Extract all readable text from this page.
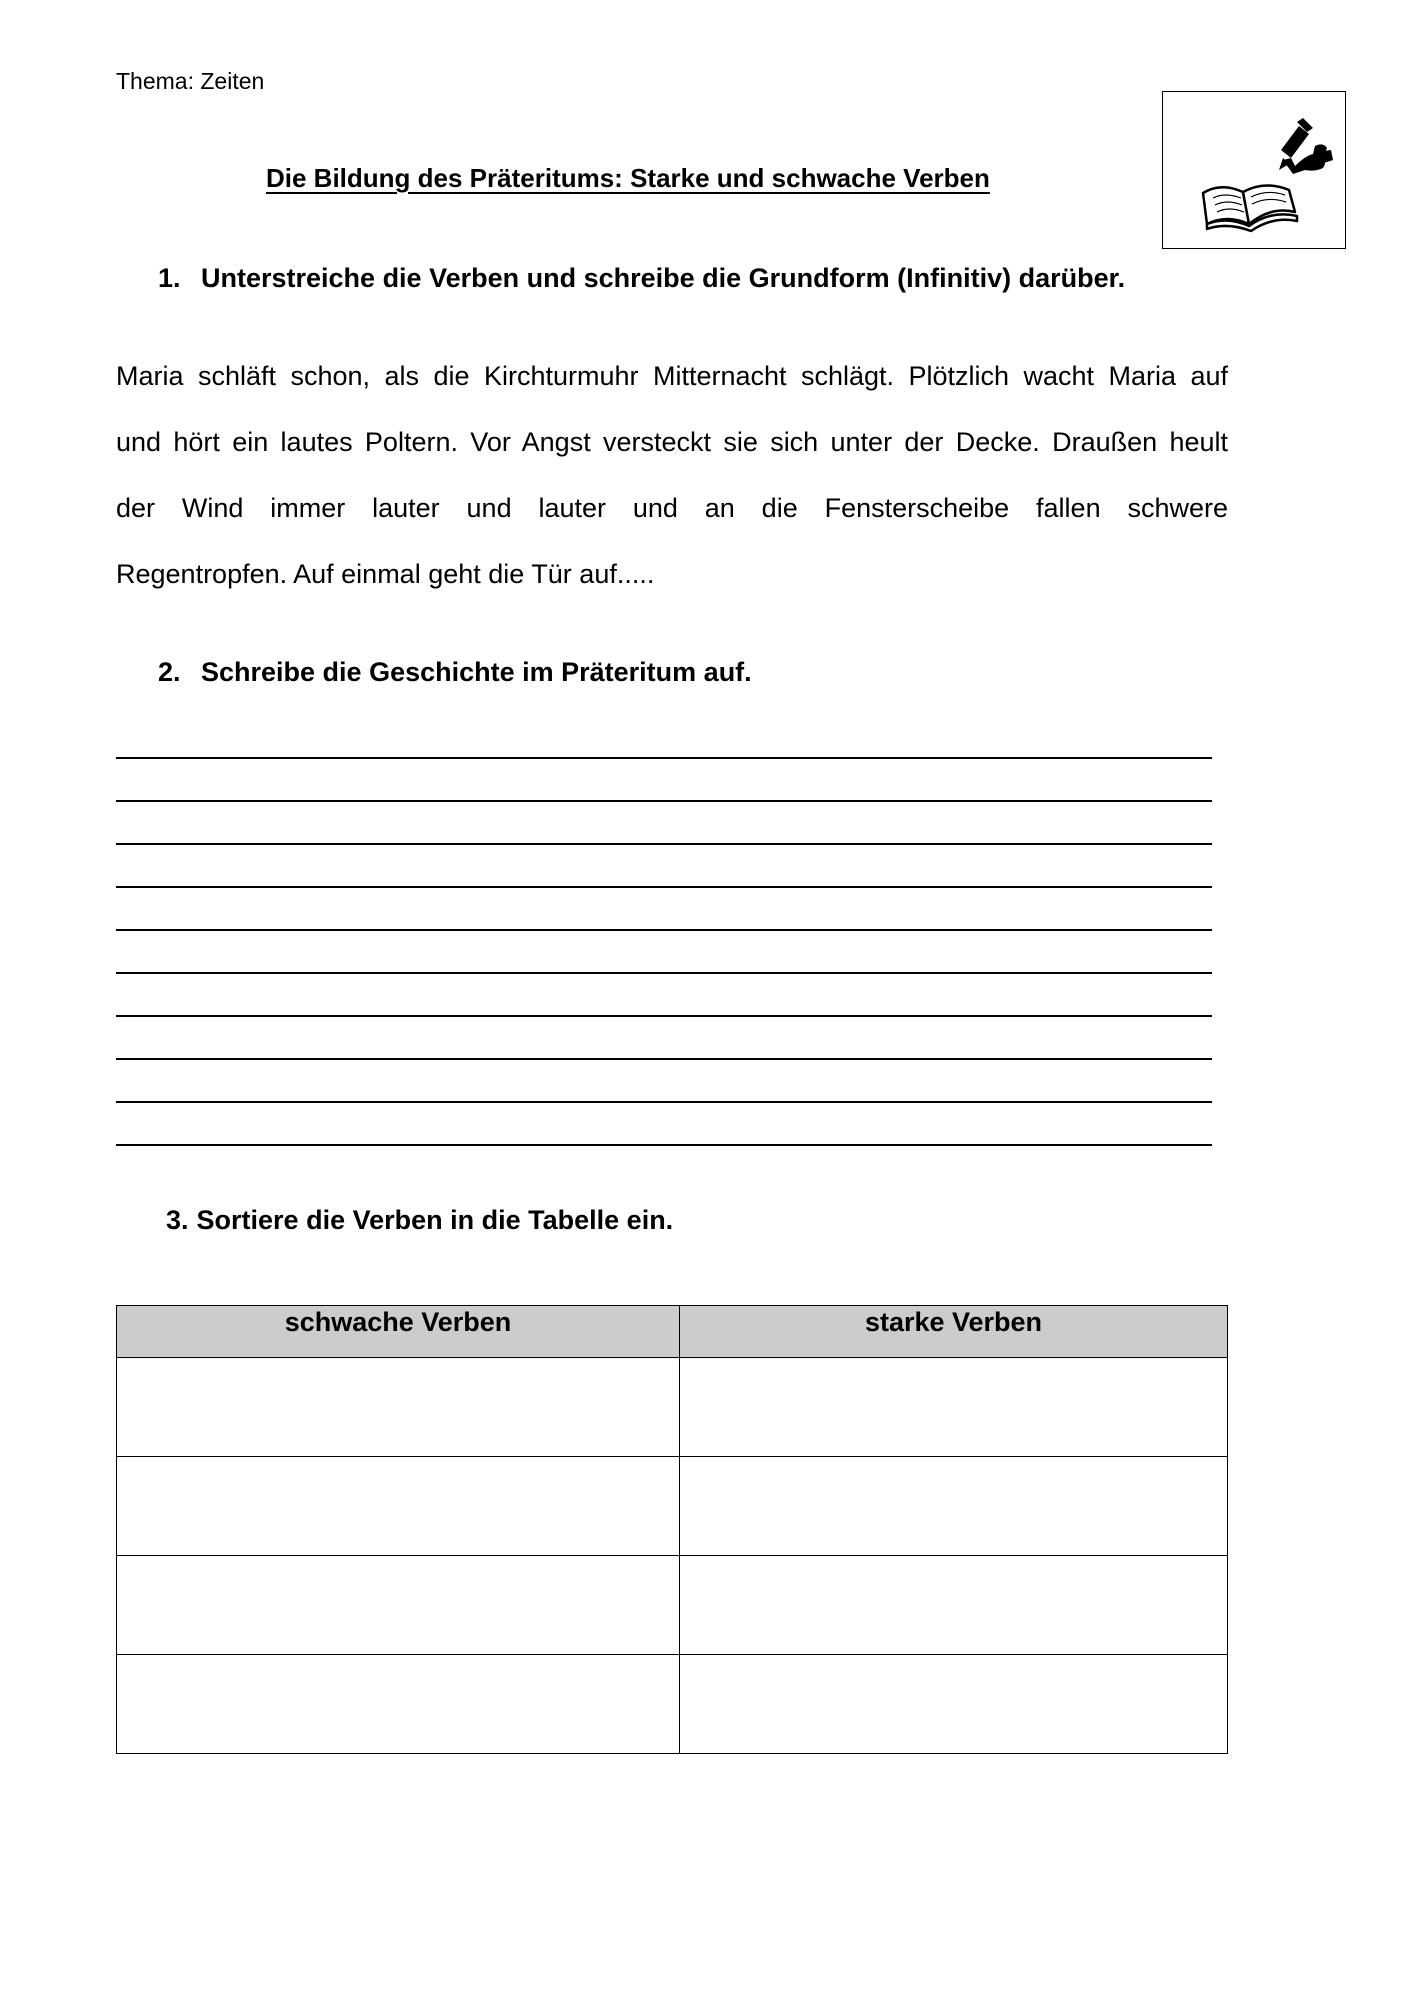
Thema: Zeiten
Die Bildung des Präteritums: Starke und schwache Verben
1. Unterstreiche die Verben und schreibe die Grundform (Infinitiv) darüber.
Maria schläft schon, als die Kirchturmuhr Mitternacht schlägt. Plötzlich wacht Maria auf
und hört ein lautes Poltern. Vor Angst versteckt sie sich unter der Decke. Draußen heult
der Wind immer lauter und lauter und an die Fensterscheibe fallen schwere
Regentropfen. Auf einmal geht die Tür auf.....
2. Schreibe die Geschichte im Präteritum auf.
3. Sortiere die Verben in die Tabelle ein.
schwache Verben	starke Verben
